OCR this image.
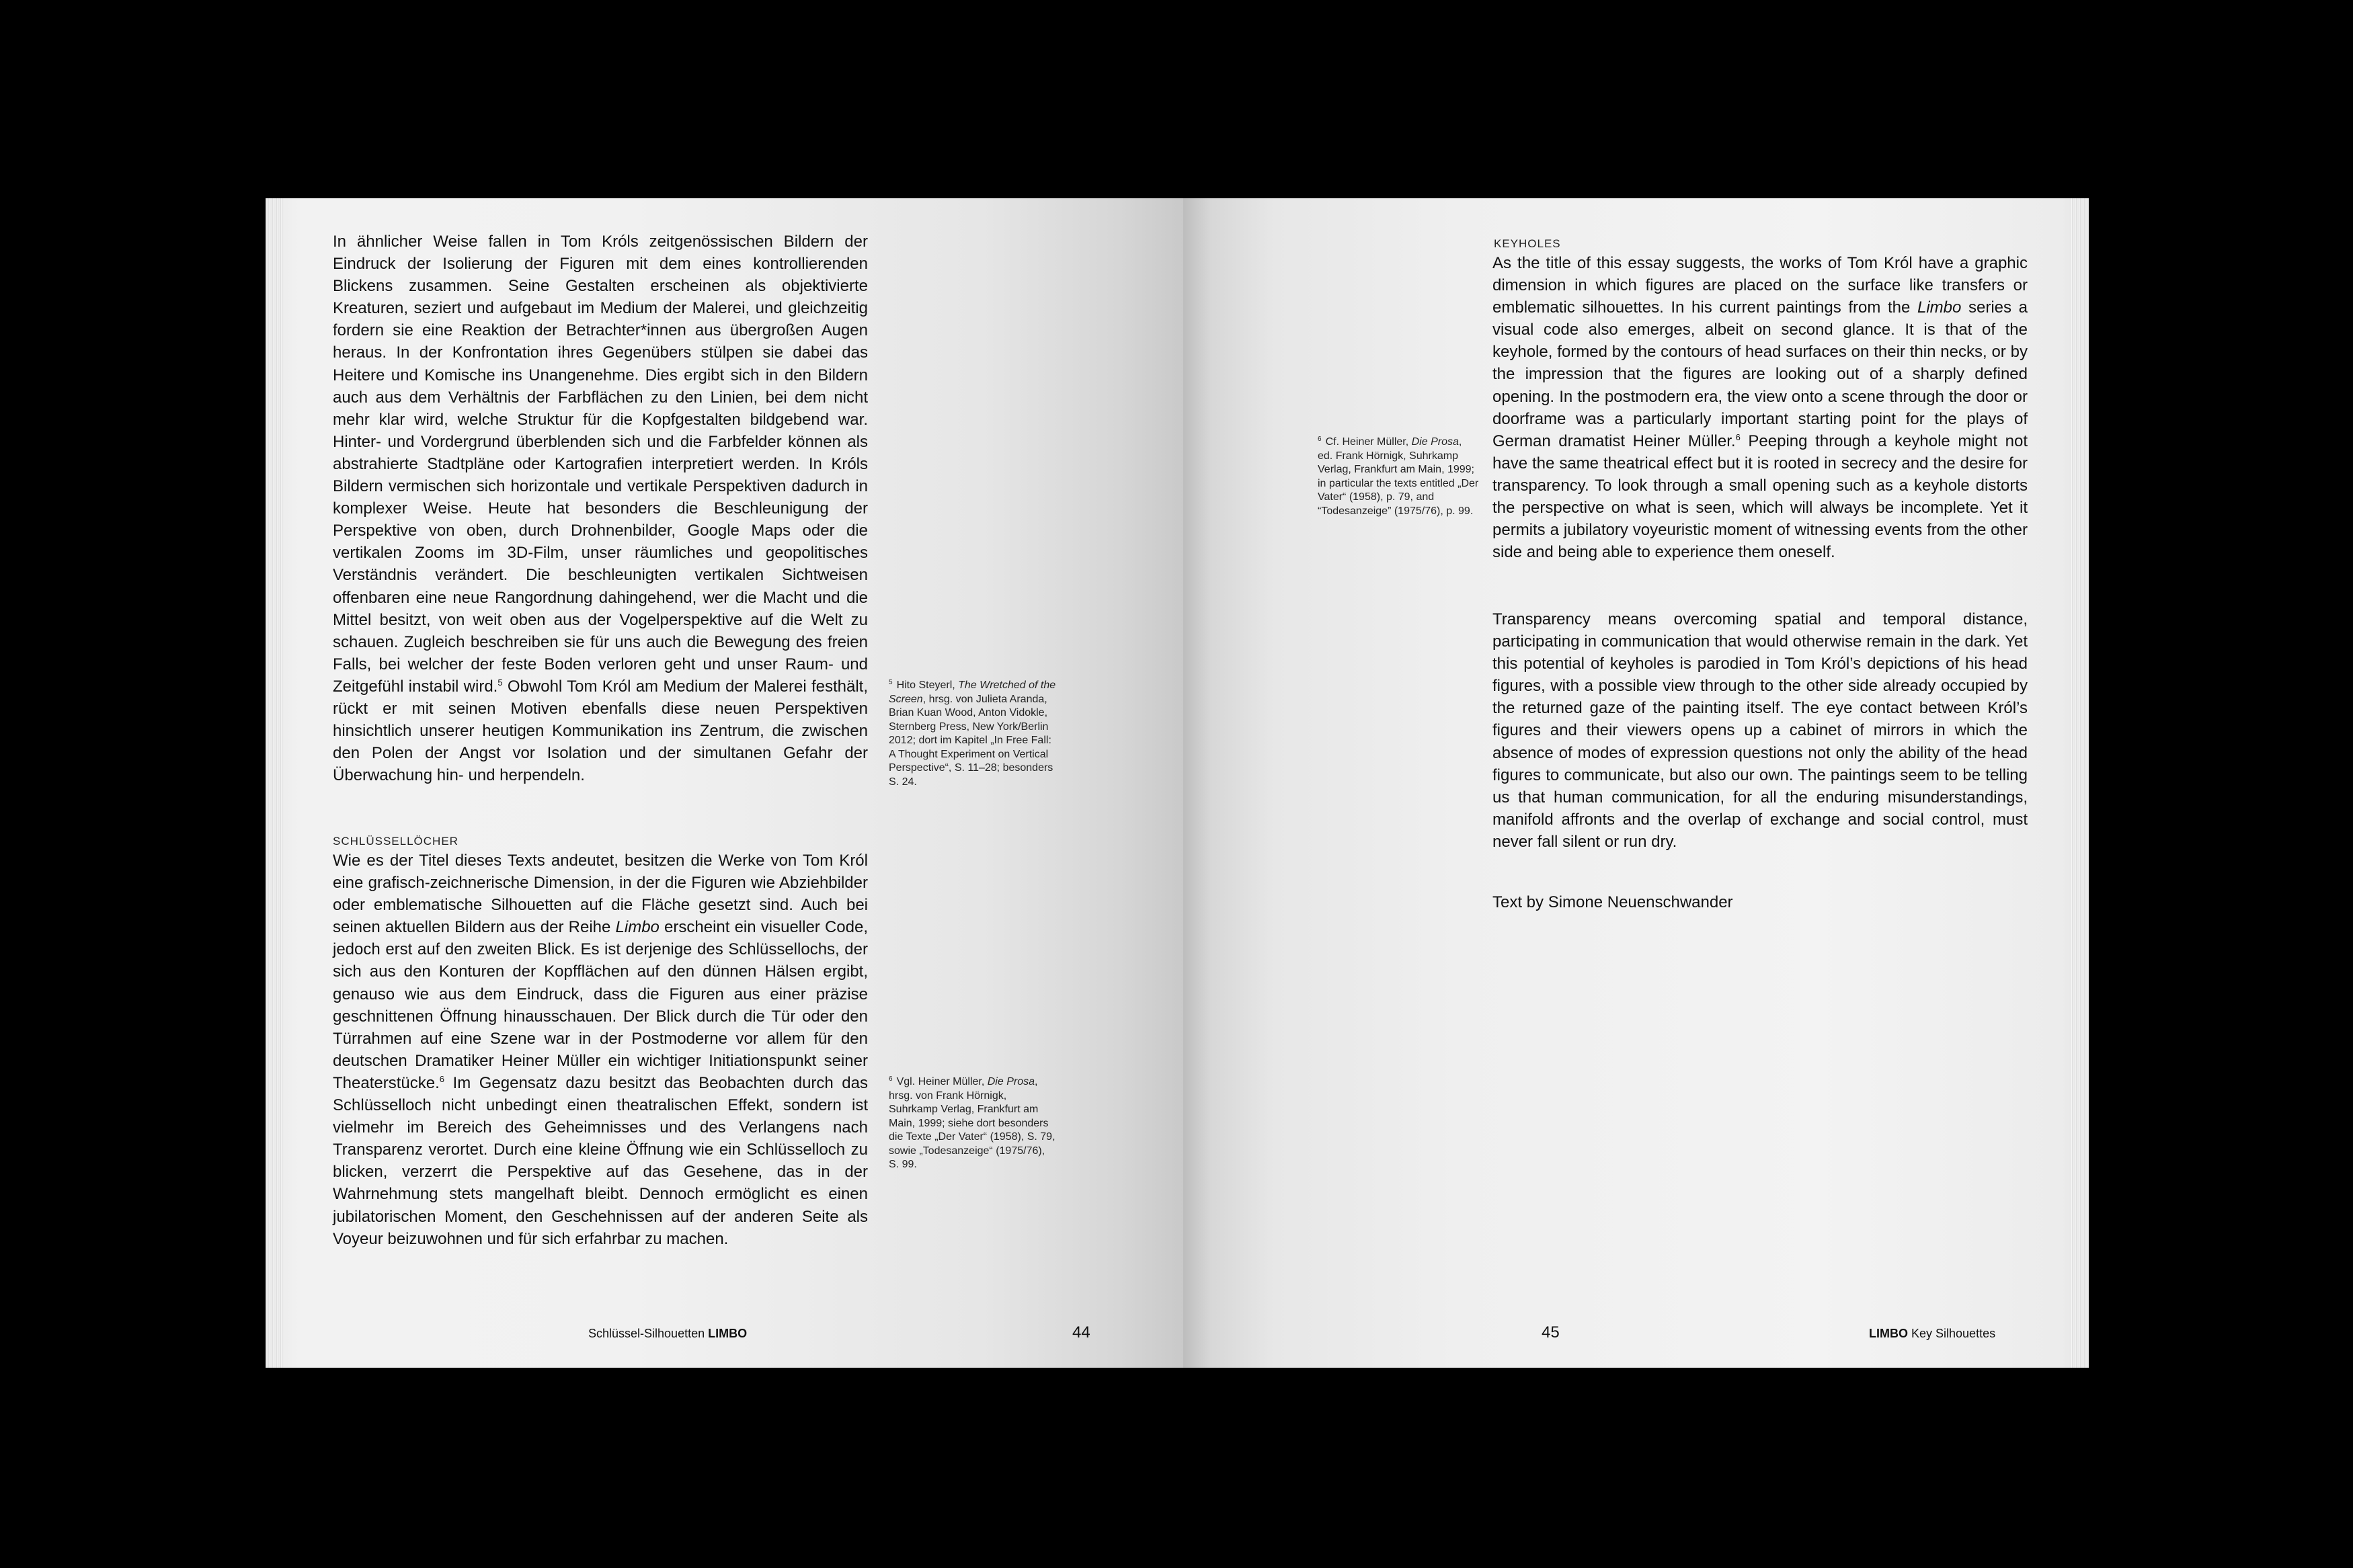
In ähnlicher Weise fallen in Tom Króls zeitgenössischen Bildern der Eindruck der Isolierung der Figuren mit dem eines kontrollierenden Blickens zusammen. Seine Gestalten erscheinen als objektivierte Kreaturen, seziert und aufgebaut im Medium der Malerei, und gleichzeitig fordern sie eine Reaktion der Betrachter*innen aus übergroßen Augen heraus. In der Konfrontation ihres Gegenübers stülpen sie dabei das Heitere und Komische ins Unangenehme. Dies ergibt sich in den Bildern auch aus dem Verhältnis der Farbflächen zu den Linien, bei dem nicht mehr klar wird, welche Struktur für die Kopfgestalten bildgebend war. Hinter- und Vordergrund überblenden sich und die Farbfelder können als abstrahierte Stadtpläne oder Kartografien interpretiert werden. In Króls Bildern vermischen sich horizontale und vertikale Perspektiven dadurch in komplexer Weise. Heute hat besonders die Beschleunigung der Perspektive von oben, durch Drohnenbilder, Google Maps oder die vertikalen Zooms im 3D-Film, unser räumliches und geopolitisches Verständnis verändert. Die beschleunigten vertikalen Sichtweisen offenbaren eine neue Rangordnung dahingehend, wer die Macht und die Mittel besitzt, von weit oben aus der Vogelperspektive auf die Welt zu schauen. Zugleich beschreiben sie für uns auch die Bewegung des freien Falls, bei welcher der feste Boden verloren geht und unser Raum- und Zeitgefühl instabil wird.$^5$ Obwohl Tom Król am Medium der Malerei festhält, rückt er mit seinen Motiven ebenfalls diese neuen Perspektiven hinsichtlich unserer heutigen Kommunikation ins Zentrum, die zwischen den Polen der Angst vor Isolation und der simultanen Gefahr der Überwachung hin- und herpendeln.

SCHLÜSSELLÖCHER

Wie es der Titel dieses Texts andeutet, besitzen die Werke von Tom Król eine grafisch-zeichnerische Dimension, in der die Figuren wie Abziehbilder oder emblematische Silhouetten auf die Fläche gesetzt sind. Auch bei seinen aktuellen Bildern aus der Reihe Limbo erscheint ein visueller Code, jedoch erst auf den zweiten Blick. Es ist derjenige des Schlüssellochs, der sich aus den Konturen der Kopfflächen auf den dünnen Hälsen ergibt, genauso wie aus dem Eindruck, dass die Figuren aus einer präzise geschnittenen Öffnung hinausschauen. Der Blick durch die Tür oder den Türrahmen auf eine Szene war in der Postmoderne vor allem für den deutschen Dramatiker Heiner Müller ein wichtiger Initiationspunkt seiner Theaterstücke.$^6$ Im Gegensatz dazu besitzt das Beobachten durch das Schlüsselloch nicht unbedingt einen theatralischen Effekt, sondern ist vielmehr im Bereich des Geheimnisses und des Verlangens nach Transparenz verortet. Durch eine kleine Öffnung wie ein Schlüsselloch zu blicken, verzerrt die Perspektive auf das Gesehene, das in der Wahrnehmung stets mangelhaft bleibt. Dennoch ermöglicht es einen jubilatorischen Moment, den Geschehnissen auf der anderen Seite als Voyeur beizuwohnen und für sich erfahrbar zu machen.

$^5$ Hito Steyerl, The Wretched of the Screen, hrsg. von Julieta Aranda, Brian Kuan Wood, Anton Vidokle, Sternberg Press, New York/Berlin 2012; dort im Kapitel „In Free Fall: A Thought Experiment on Vertical Perspective“, S. 11–28; besonders S. 24.
$^6$ Vgl. Heiner Müller, Die Prosa, hrsg. von Frank Hörnigk, Suhrkamp Verlag, Frankfurt am Main, 1999; siehe dort besonders die Texte „Der Vater“ (1958), S. 79, sowie „Todesanzeige“ (1975/76), S. 99.
Schlüssel-Silhouetten LIMBO	44
KEYHOLES

As the title of this essay suggests, the works of Tom Król have a graphic dimension in which figures are placed on the surface like transfers or emblematic silhouettes. In his current paintings from the Limbo series a visual code also emerges, albeit on second glance. It is that of the keyhole, formed by the contours of head surfaces on their thin necks, or by the impression that the figures are looking out of a sharply defined opening. In the postmodern era, the view onto a scene through the door or doorframe was a particularly important starting point for the plays of German dramatist Heiner Müller.$^6$ Peeping through a keyhole might not have the same theatrical effect but it is rooted in secrecy and the desire for transparency. To look through a small opening such as a keyhole distorts the perspective on what is seen, which will always be incomplete. Yet it permits a jubilatory voyeuristic moment of witnessing events from the other side and being able to experience them oneself.

Transparency means overcoming spatial and temporal distance, participating in communication that would otherwise remain in the dark. Yet this potential of keyholes is parodied in Tom Król’s depictions of his head figures, with a possible view through to the other side already occupied by the returned gaze of the painting itself. The eye contact between Król’s figures and their viewers opens up a cabinet of mirrors in which the absence of modes of expression questions not only the ability of the head figures to communicate, but also our own. The paintings seem to be telling us that human communication, for all the enduring misunderstandings, manifold affronts and the overlap of exchange and social control, must never fall silent or run dry.

Text by Simone Neuenschwander
$^6$ Cf. Heiner Müller, Die Prosa, ed. Frank Hörnigk, Suhrkamp Verlag, Frankfurt am Main, 1999; in particular the texts entitled „Der Vater“ (1958), p. 79, and “Todesanzeige” (1975/76), p. 99.
45	LIMBO Key Silhouettes
